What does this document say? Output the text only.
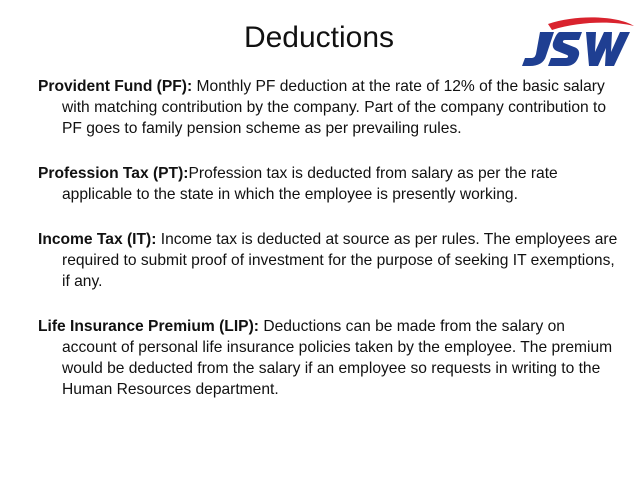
Deductions

Provident Fund (PF): Monthly PF deduction at the rate of 12% of the basic salary with matching contribution by the company. Part of the company contribution to PF goes to family pension scheme as per prevailing rules.

Profession Tax (PT):Profession tax is deducted from salary as per the rate applicable to the state in which the employee is presently working.

Income Tax (IT): Income tax is deducted at source as per rules. The employees are required to submit proof of investment for the purpose of seeking IT exemptions, if any.

Life Insurance Premium (LIP): Deductions can be made from the salary on account of personal life insurance policies taken by the employee. The premium would be deducted from the salary if an employee so requests in writing to the Human Resources department.
